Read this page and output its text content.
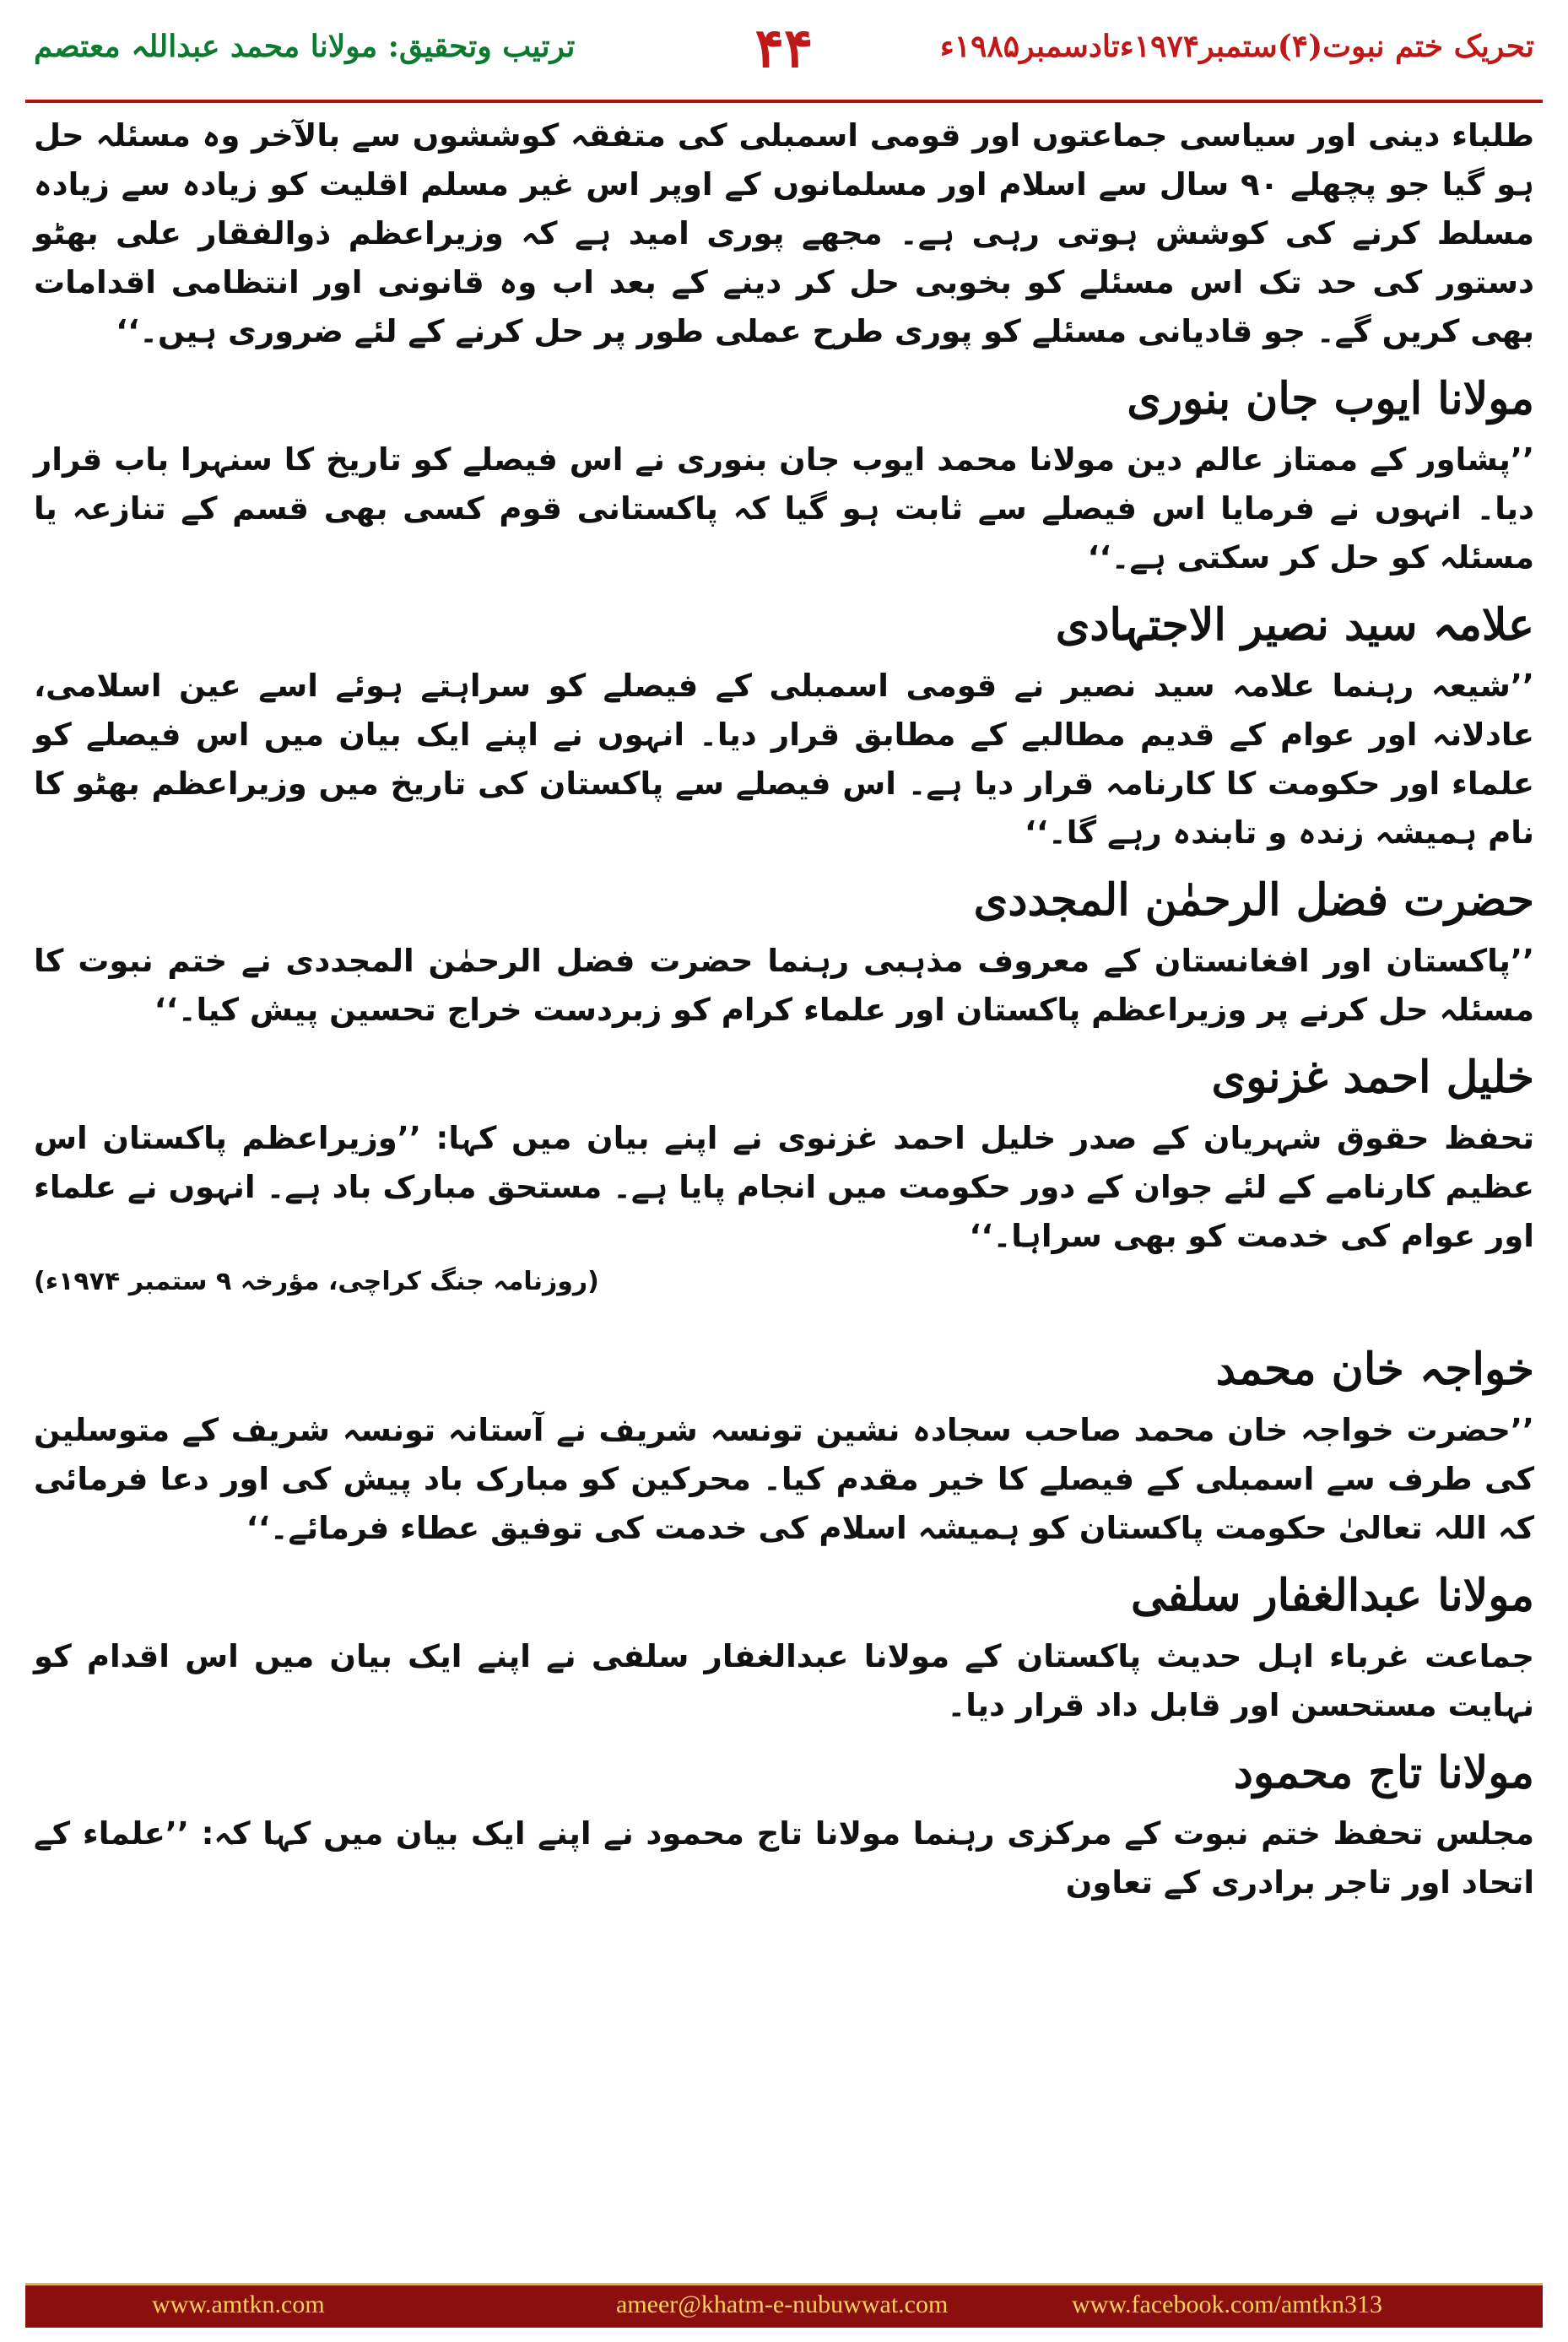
ترتیب وتحقیق: مولانا محمد عبداللہ معتصم	۴۴	تحریک ختم نبوت(۴)ستمبر۱۹۷۴ءتادسمبر۱۹۸۵ء

طلباء دینی اور سیاسی جماعتوں اور قومی اسمبلی کی متفقہ کوششوں سے بالآخر وہ مسئلہ حل ہو گیا جو پچھلے ۹۰ سال سے اسلام اور مسلمانوں کے اوپر اس غیر مسلم اقلیت کو زیادہ سے زیادہ مسلط کرنے کی کوشش ہوتی رہی ہے۔ مجھے پوری امید ہے کہ وزیراعظم ذوالفقار علی بھٹو دستور کی حد تک اس مسئلے کو بخوبی حل کر دینے کے بعد اب وہ قانونی اور انتظامی اقدامات بھی کریں گے۔ جو قادیانی مسئلے کو پوری طرح عملی طور پر حل کرنے کے لئے ضروری ہیں۔‘‘

مولانا ایوب جان بنوری

’’پشاور کے ممتاز عالم دین مولانا محمد ایوب جان بنوری نے اس فیصلے کو تاریخ کا سنہرا باب قرار دیا۔ انہوں نے فرمایا اس فیصلے سے ثابت ہو گیا کہ پاکستانی قوم کسی بھی قسم کے تنازعہ یا مسئلہ کو حل کر سکتی ہے۔‘‘

علامہ سید نصیر الاجتہادی

’’شیعہ رہنما علامہ سید نصیر نے قومی اسمبلی کے فیصلے کو سراہتے ہوئے اسے عین اسلامی، عادلانہ اور عوام کے قدیم مطالبے کے مطابق قرار دیا۔ انہوں نے اپنے ایک بیان میں اس فیصلے کو علماء اور حکومت کا کارنامہ قرار دیا ہے۔ اس فیصلے سے پاکستان کی تاریخ میں وزیراعظم بھٹو کا نام ہمیشہ زندہ و تابندہ رہے گا۔‘‘

حضرت فضل الرحمٰن المجددی

’’پاکستان اور افغانستان کے معروف مذہبی رہنما حضرت فضل الرحمٰن المجددی نے ختم نبوت کا مسئلہ حل کرنے پر وزیراعظم پاکستان اور علماء کرام کو زبردست خراج تحسین پیش کیا۔‘‘

خلیل احمد غزنوی

تحفظ حقوق شہریان کے صدر خلیل احمد غزنوی نے اپنے بیان میں کہا: ’’وزیراعظم پاکستان اس عظیم کارنامے کے لئے جوان کے دور حکومت میں انجام پایا ہے۔ مستحق مبارک باد ہے۔ انہوں نے علماء اور عوام کی خدمت کو بھی سراہا۔‘‘

(روزنامہ جنگ کراچی، مؤرخہ ۹ ستمبر ۱۹۷۴ء)

خواجہ خان محمد

’’حضرت خواجہ خان محمد صاحب سجادہ نشین تونسہ شریف نے آستانہ تونسہ شریف کے متوسلین کی طرف سے اسمبلی کے فیصلے کا خیر مقدم کیا۔ محرکین کو مبارک باد پیش کی اور دعا فرمائی کہ اللہ تعالیٰ حکومت پاکستان کو ہمیشہ اسلام کی خدمت کی توفیق عطاء فرمائے۔‘‘

مولانا عبدالغفار سلفی

جماعت غرباء اہل حدیث پاکستان کے مولانا عبدالغفار سلفی نے اپنے ایک بیان میں اس اقدام کو نہایت مستحسن اور قابل داد قرار دیا۔

مولانا تاج محمود

مجلس تحفظ ختم نبوت کے مرکزی رہنما مولانا تاج محمود نے اپنے ایک بیان میں کہا کہ: ’’علماء کے اتحاد اور تاجر برادری کے تعاون

www.amtkn.com	ameer@khatm-e-nubuwwat.com	www.facebook.com/amtkn313
